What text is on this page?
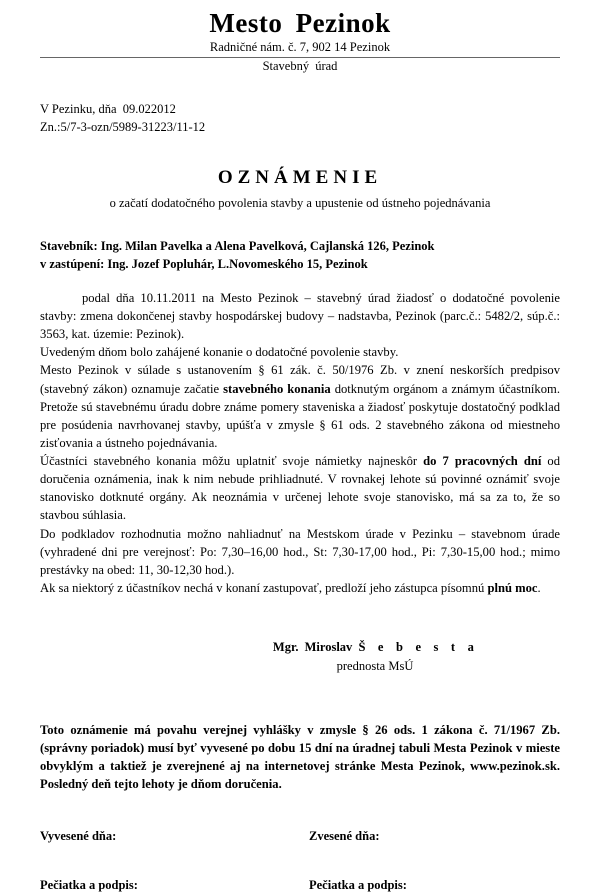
Mesto Pezinok

Radničné nám. č. 7, 902 14 Pezinok

Stavebný úrad

V Pezinku, dňa  09.022012
Zn.:5/7-3-ozn/5989-31223/11-12
OZNÁMENIE

o začatí dodatočného povolenia stavby a upustenie od ústneho pojednávania

Stavebník: Ing. Milan Pavelka a Alena Pavelková, Cajlanská 126, Pezinok
v zastúpení: Ing. Jozef Popluhár, L.Novomeského 15, Pezinok

podal dňa 10.11.2011 na Mesto Pezinok – stavebný úrad žiadosť o dodatočné povolenie stavby: zmena dokončenej stavby hospodárskej budovy – nadstavba, Pezinok (parc.č.: 5482/2, súp.č.: 3563, kat. územie: Pezinok).

Uvedeným dňom bolo zahájené konanie o dodatočné povolenie stavby.

Mesto Pezinok v súlade s ustanovením § 61 zák. č. 50/1976 Zb. v znení neskorších predpisov (stavebný zákon) oznamuje začatie stavebného konania dotknutým orgánom a známym účastníkom. Pretože sú stavebnému úradu dobre známe pomery staveniska a žiadosť poskytuje dostatočný podklad pre posúdenia navrhovanej stavby, upúšťa v zmysle § 61 ods. 2 stavebného zákona od miestneho zisťovania a ústneho pojednávania.

Účastníci stavebného konania môžu uplatniť svoje námietky najneskôr do 7 pracovných dní od doručenia oznámenia, inak k nim nebude prihliadnuté. V rovnakej lehote sú povinné oznámiť svoje stanovisko dotknuté orgány. Ak neoznámia v určenej lehote svoje stanovisko, má sa za to, že so stavbou súhlasia.

Do podkladov rozhodnutia možno nahliadnuť na Mestskom úrade v Pezinku – stavebnom úrade (vyhradené dni pre verejnosť: Po: 7,30–16,00 hod., St: 7,30-17,00 hod., Pi: 7,30-15,00 hod.; mimo prestávky na obed: 11, 30-12,30 hod.).

Ak sa niektorý z účastníkov nechá v konaní zastupovať, predloží jeho zástupca písomnú plnú moc.

Mgr. Miroslav Š e b e s t a
prednosta MsÚ

Toto oznámenie má povahu verejnej vyhlášky v zmysle § 26 ods. 1 zákona č. 71/1967 Zb. (správny poriadok) musí byť vyvesené po dobu 15 dní na úradnej tabuli Mesta Pezinok v mieste obvyklým a taktiež je zverejnené aj na internetovej stránke Mesta Pezinok, www.pezinok.sk. Posledný deň tejto lehoty je dňom doručenia.

Vyvesené dňa:	Zvesené dňa:
Pečiatka a podpis:	Pečiatka a podpis:
